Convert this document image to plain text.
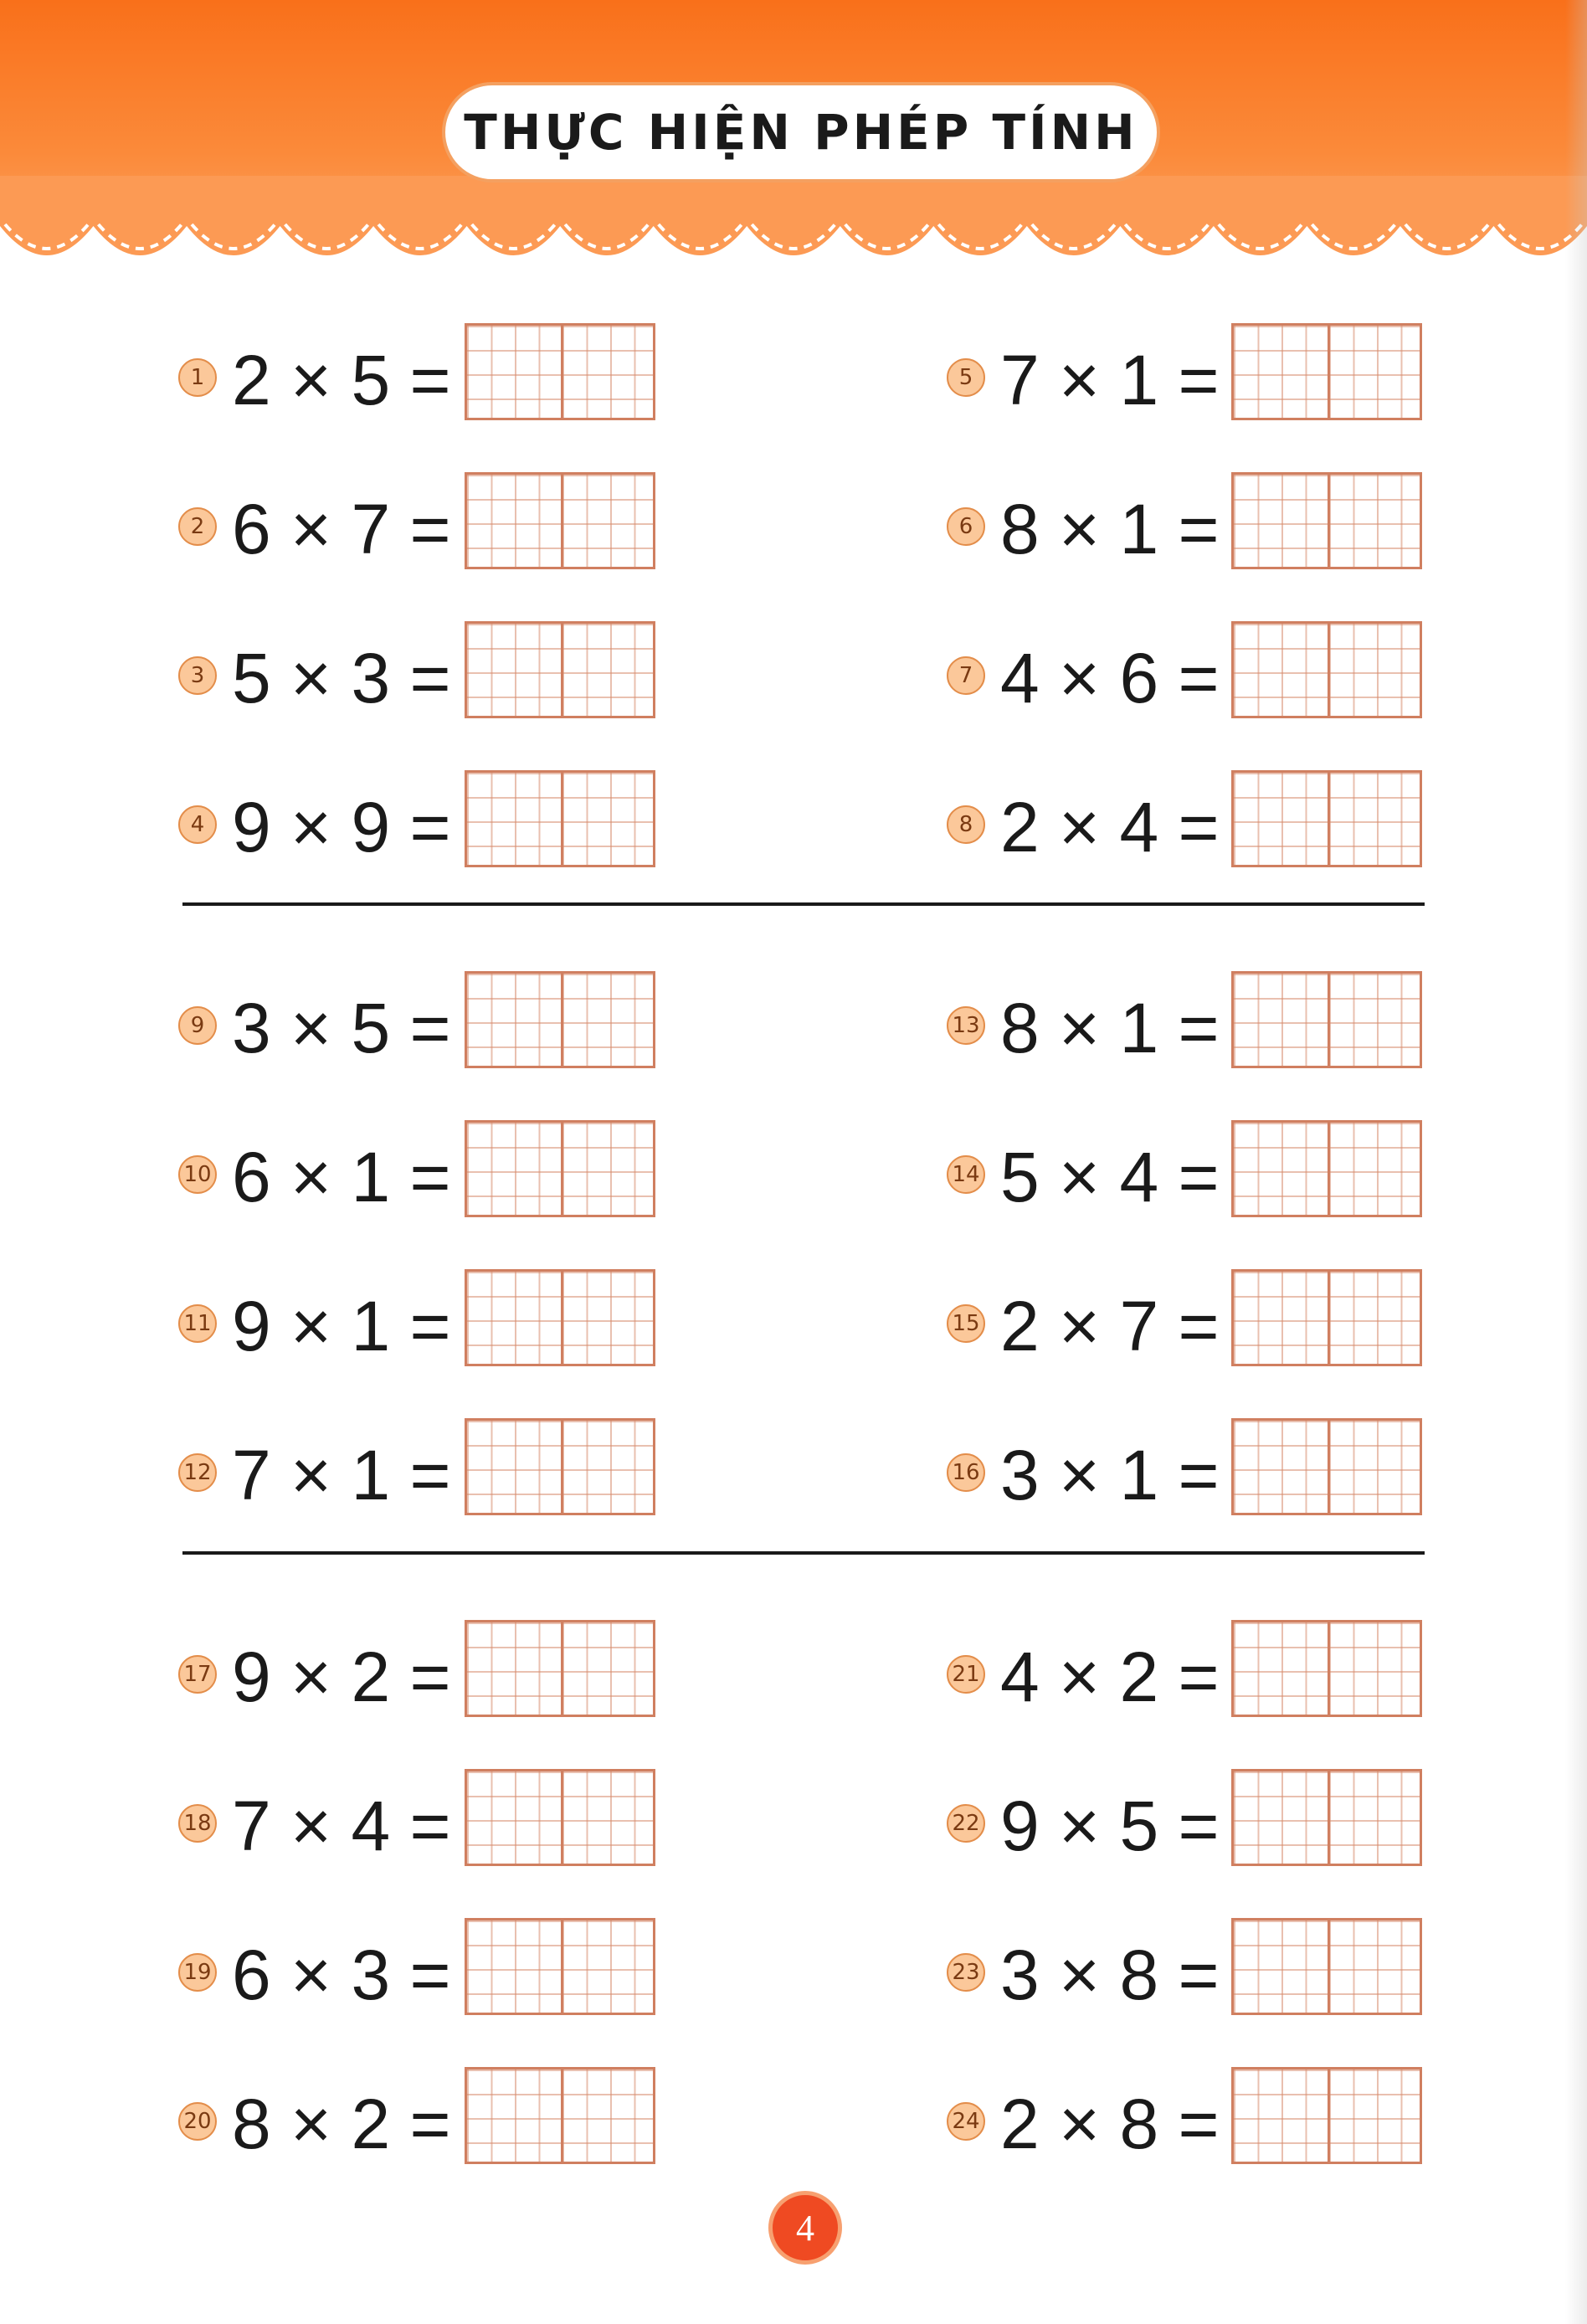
THỰC HIỆN PHÉP TÍNH
1 2 × 5 =
2 6 × 7 =
3 5 × 3 =
4 9 × 9 =
5 7 × 1 =
6 8 × 1 =
7 4 × 6 =
8 2 × 4 =
9 3 × 5 =
10 6 × 1 =
11 9 × 1 =
12 7 × 1 =
13 8 × 1 =
14 5 × 4 =
15 2 × 7 =
16 3 × 1 =
17 9 × 2 =
18 7 × 4 =
19 6 × 3 =
20 8 × 2 =
21 4 × 2 =
22 9 × 5 =
23 3 × 8 =
24 2 × 8 =
4
